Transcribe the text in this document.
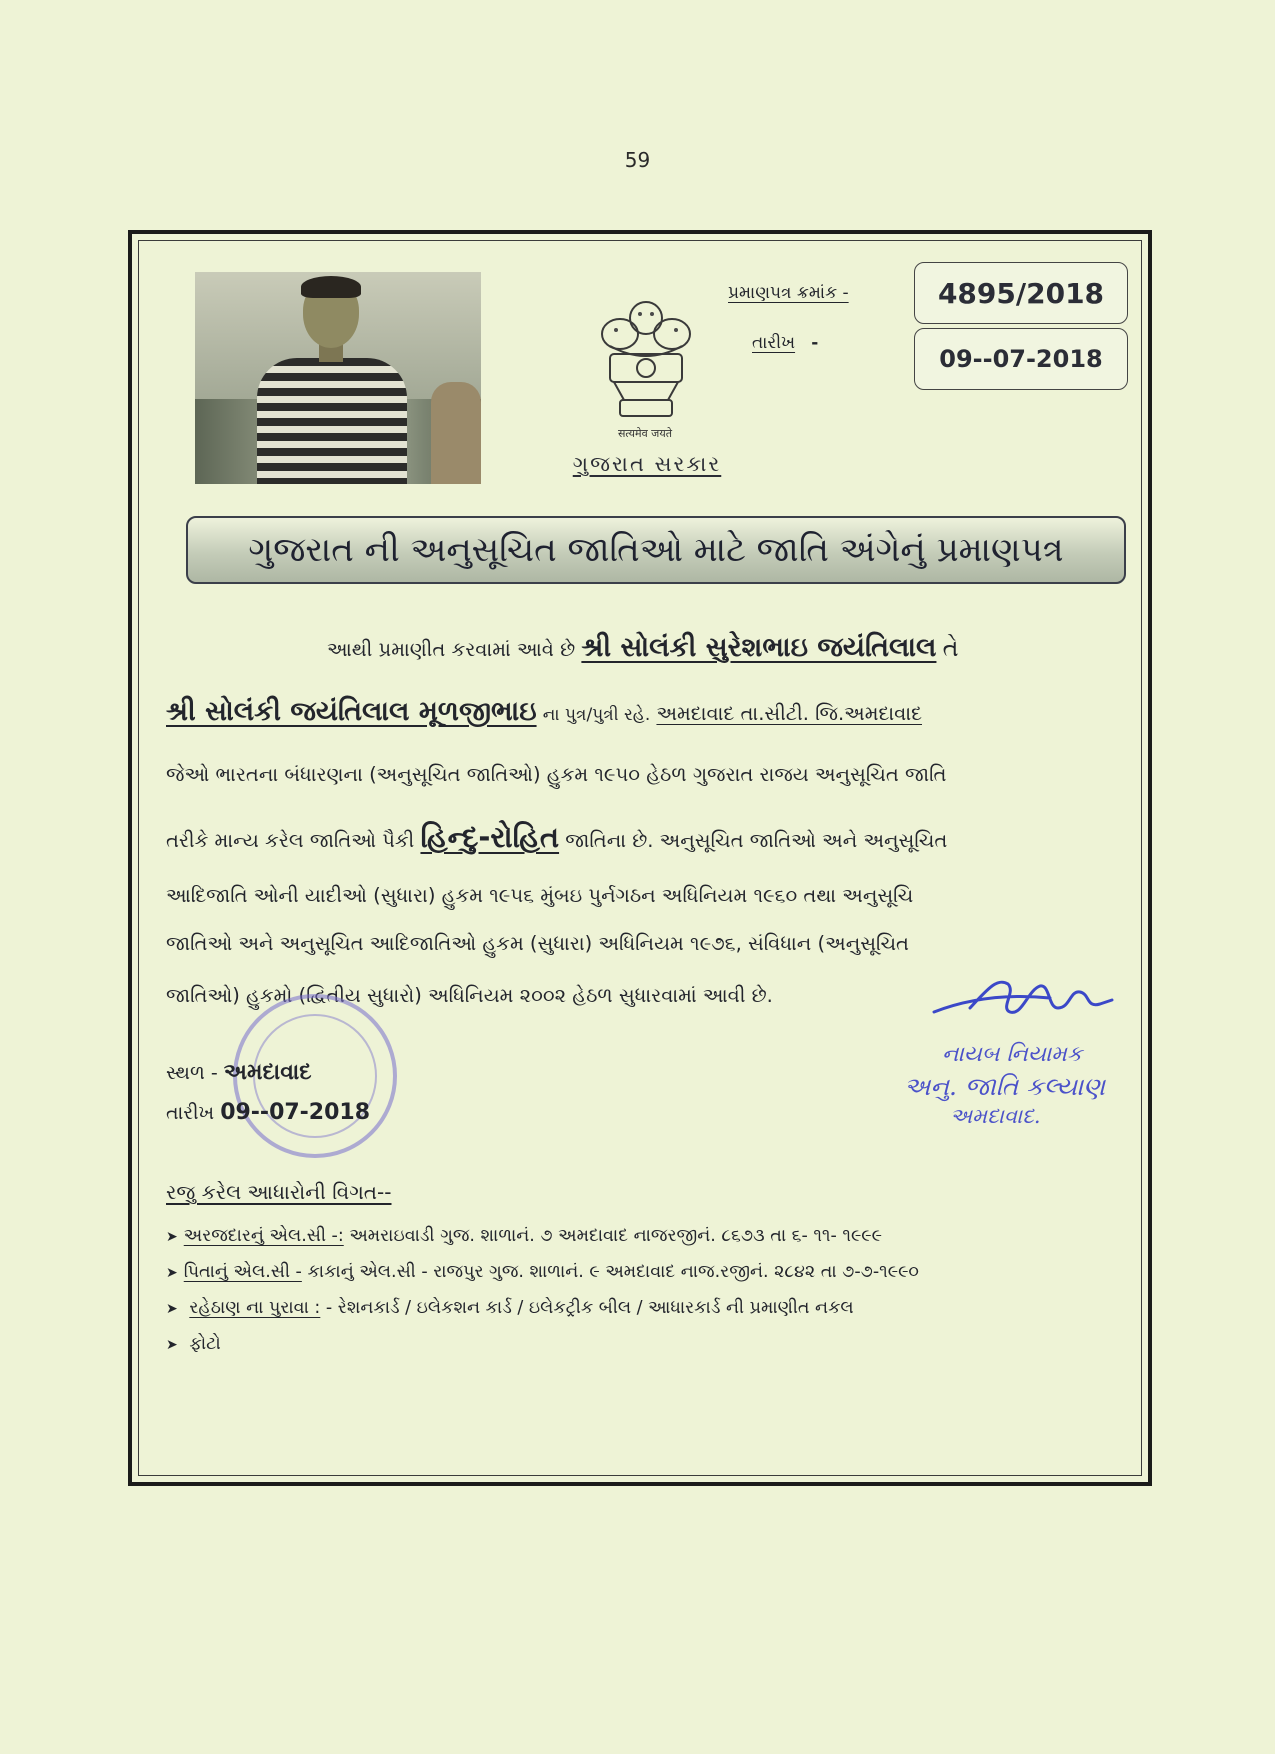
59
सत्यमेव जयते
ગુજરાત સરકાર
પ્રમાણપત્ર ક્રમાંક -
તારીખ -
4895/2018
09--07-2018
ગુજરાત ની અનુસૂચિત જાતિઓ માટે જાતિ અંગેનું પ્રમાણપત્ર
આથી પ્રમાણીત કરવામાં આવે છે શ્રી સોલંકી સુરેશભાઇ જયંતિલાલ તે
શ્રી સોલંકી જયંતિલાલ મૂળજીભાઇ ના પુત્ર/પુત્રી રહે. અમદાવાદ તા.સીટી. જિ.અમદાવાદ
જેઓ ભારતના બંધારણના (અનુસૂચિત જાતિઓ) હુકમ ૧૯૫૦ હેઠળ ગુજરાત રાજય અનુસૂચિત જાતિ
તરીકે માન્ય કરેલ જાતિઓ પૈકી હિન્દુ-રોહિત જાતિના છે. અનુસૂચિત જાતિઓ અને અનુસૂચિત
આદિજાતિ ઓની યાદીઓ (સુધારા) હુકમ ૧૯૫૬ મુંબઇ પુર્નગઠન અધિનિયમ ૧૯૬૦ તથા અનુસૂચિ
જાતિઓ અને અનુસૂચિત આદિજાતિઓ હુકમ (સુધારા) અધિનિયમ ૧૯૭૬, સંવિધાન (અનુસૂચિત
જાતિઓ) હુકમો (દ્વિતીય સુધારો) અધિનિયમ ૨૦૦૨ હેઠળ સુધારવામાં આવી છે.
સ્થળ - અમદાવાદ
તારીખ 09--07-2018
નાયબ નિયામક
અનુ. જાતિ કલ્યાણ
અમદાવાદ.
રજુ કરેલ આધારોની વિગત--
➤ અરજદારનું એલ.સી -: અમરાઇવાડી ગુજ. શાળાનં. ૭ અમદાવાદ નાજરજીનં. ૮૬૭૩ તા ૬- ૧૧- ૧૯૯૯
➤ પિતાનું એલ.સી - કાકાનું એલ.સી - રાજપુર ગુજ. શાળાનં. ૯ અમદાવાદ નાજ.રજીનં. ૨૮૪૨ તા ૭-૭-૧૯૯૦
➤ રહેઠાણ ના પુરાવા : - રેશનકાર્ડ / ઇલેકશન કાર્ડ / ઇલેકટ્રીક બીલ / આધારકાર્ડ ની પ્રમાણીત નકલ
➤ ફોટો
